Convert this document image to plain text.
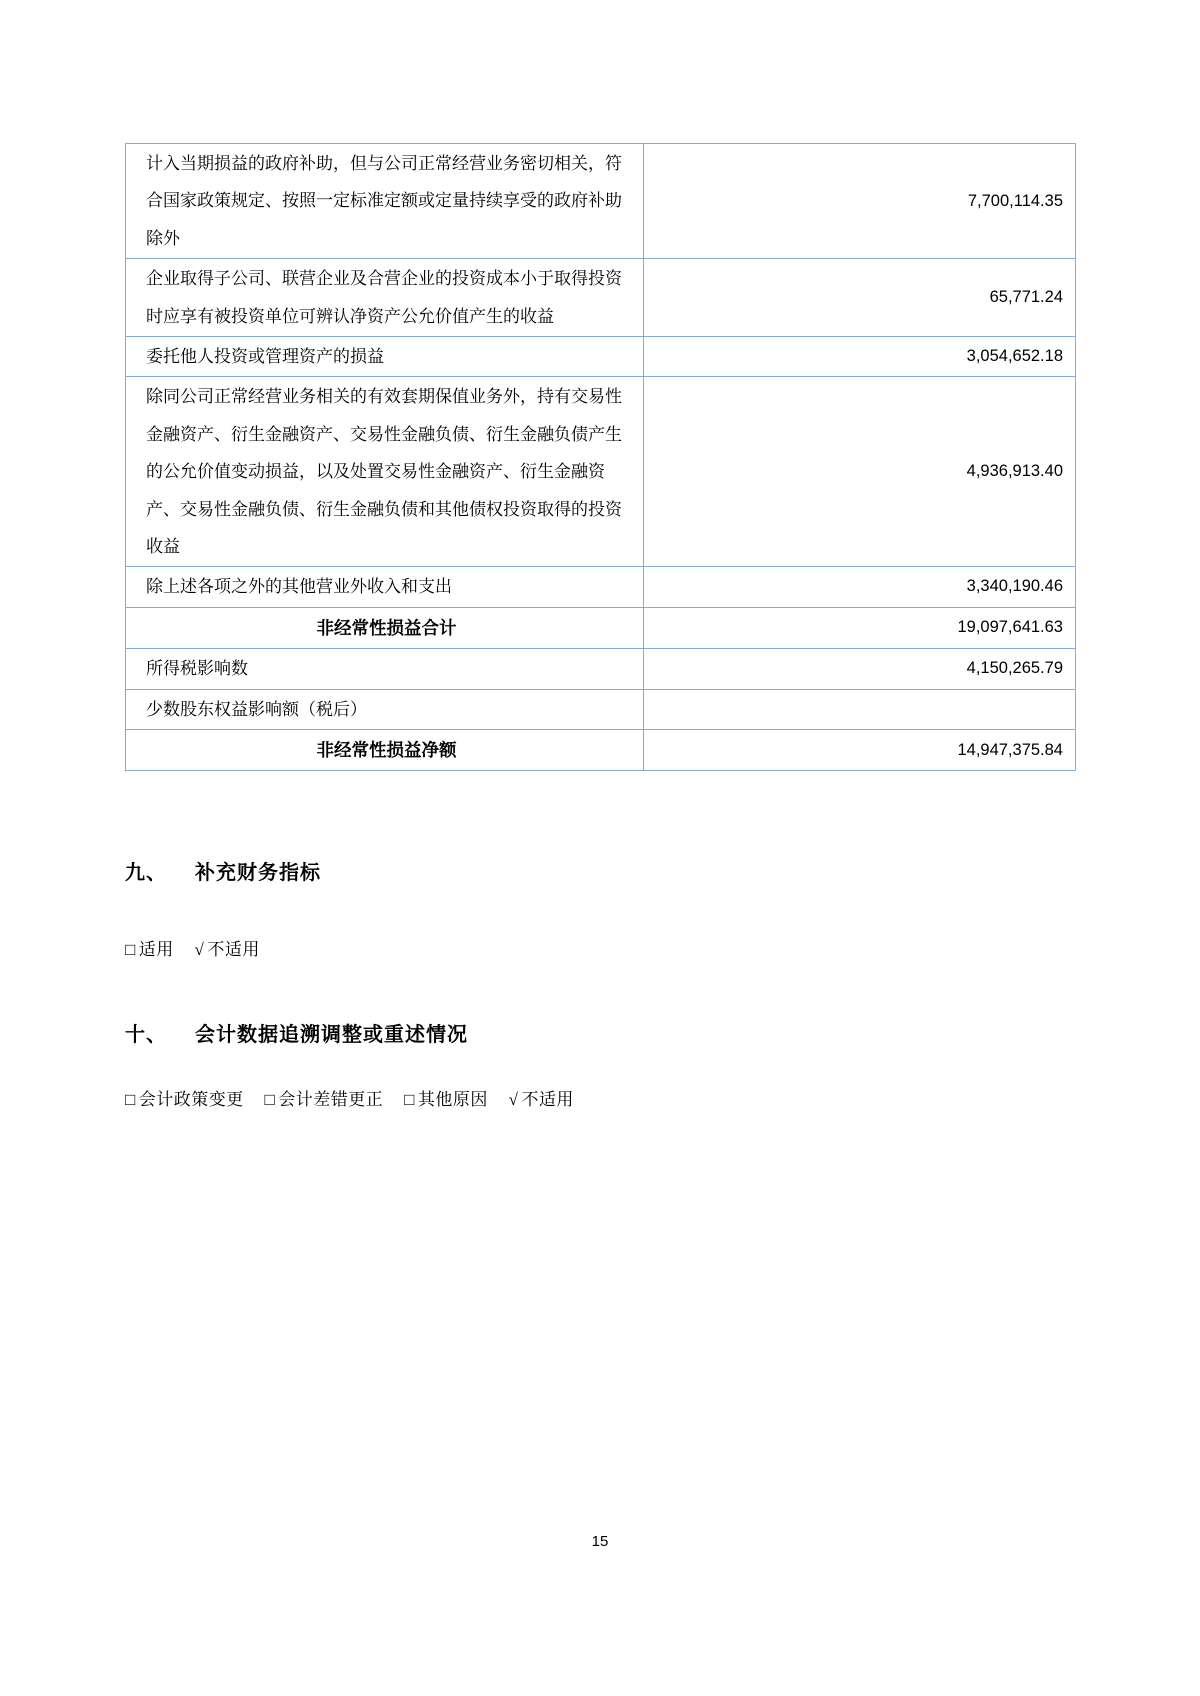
计入当期损益的政府补助，但与公司正常经营业务密切相关，符合国家政策规定、按照一定标准定额或定量持续享受的政府补助除外	7,700,114.35
企业取得子公司、联营企业及合营企业的投资成本小于取得投资时应享有被投资单位可辨认净资产公允价值产生的收益	65,771.24
委托他人投资或管理资产的损益	3,054,652.18
除同公司正常经营业务相关的有效套期保值业务外，持有交易性金融资产、衍生金融资产、交易性金融负债、衍生金融负债产生的公允价值变动损益，以及处置交易性金融资产、衍生金融资产、交易性金融负债、衍生金融负债和其他债权投资取得的投资收益	4,936,913.40
除上述各项之外的其他营业外收入和支出	3,340,190.46
非经常性损益合计	19,097,641.63
所得税影响数	4,150,265.79
少数股东权益影响额（税后）	
非经常性损益净额	14,947,375.84
九、 补充财务指标
□ 适用 √ 不适用
十、 会计数据追溯调整或重述情况
□ 会计政策变更 □ 会计差错更正 □ 其他原因 √ 不适用
15
